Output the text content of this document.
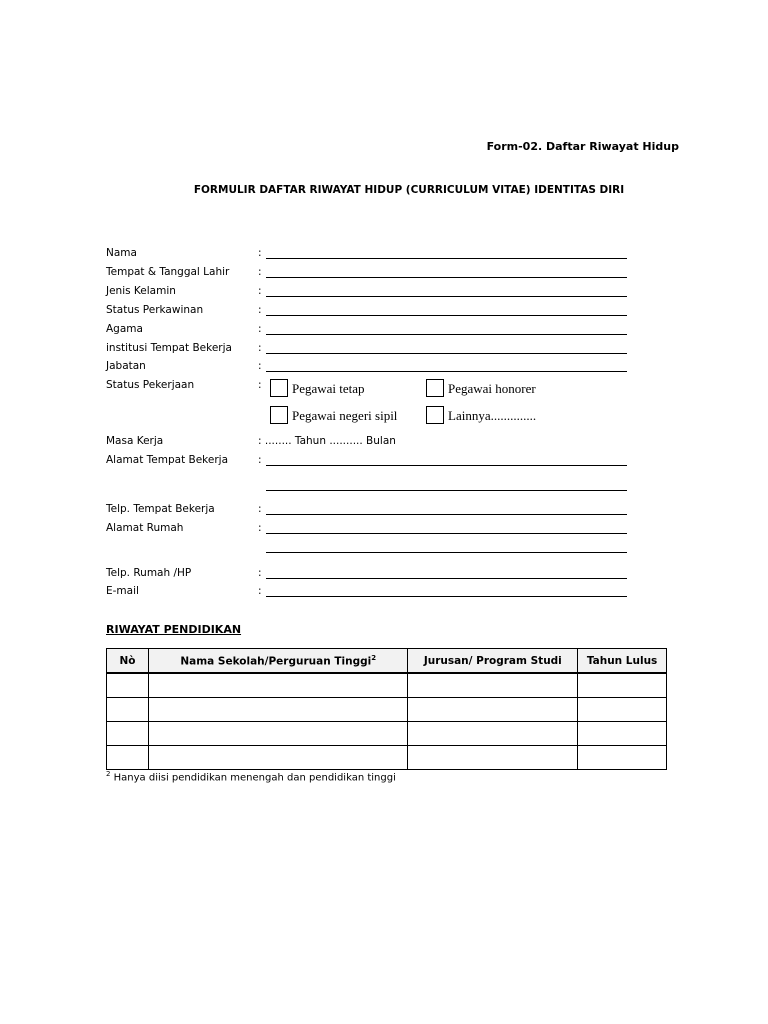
Form-02. Daftar Riwayat Hidup
FORMULIR DAFTAR RIWAYAT HIDUP (CURRICULUM VITAE) IDENTITAS DIRI
Nama	:
Tempat & Tanggal Lahir	:
Jenis Kelamin	:
Status Perkawinan	:
Agama	:
institusi Tempat Bekerja :
Jabatan	:
Status Pekerjaan	: Pegawai tetap	Pegawai honorer
Pegawai negeri sipil	Lainnya..............
Masa Kerja	: ........ Tahun .......... Bulan
Alamat Tempat Bekerja	:
Telp. Tempat Bekerja	:
Alamat Rumah	:
Telp. Rumah /HP	:
E-mail	:
RIWAYAT PENDIDIKAN
Nò	Nama Sekolah/Perguruan Tinggi$^2$	Jurusan/ Program Studi	Tahun Lulus

$^2$ Hanya diisi pendidikan menengah dan pendidikan tinggi
